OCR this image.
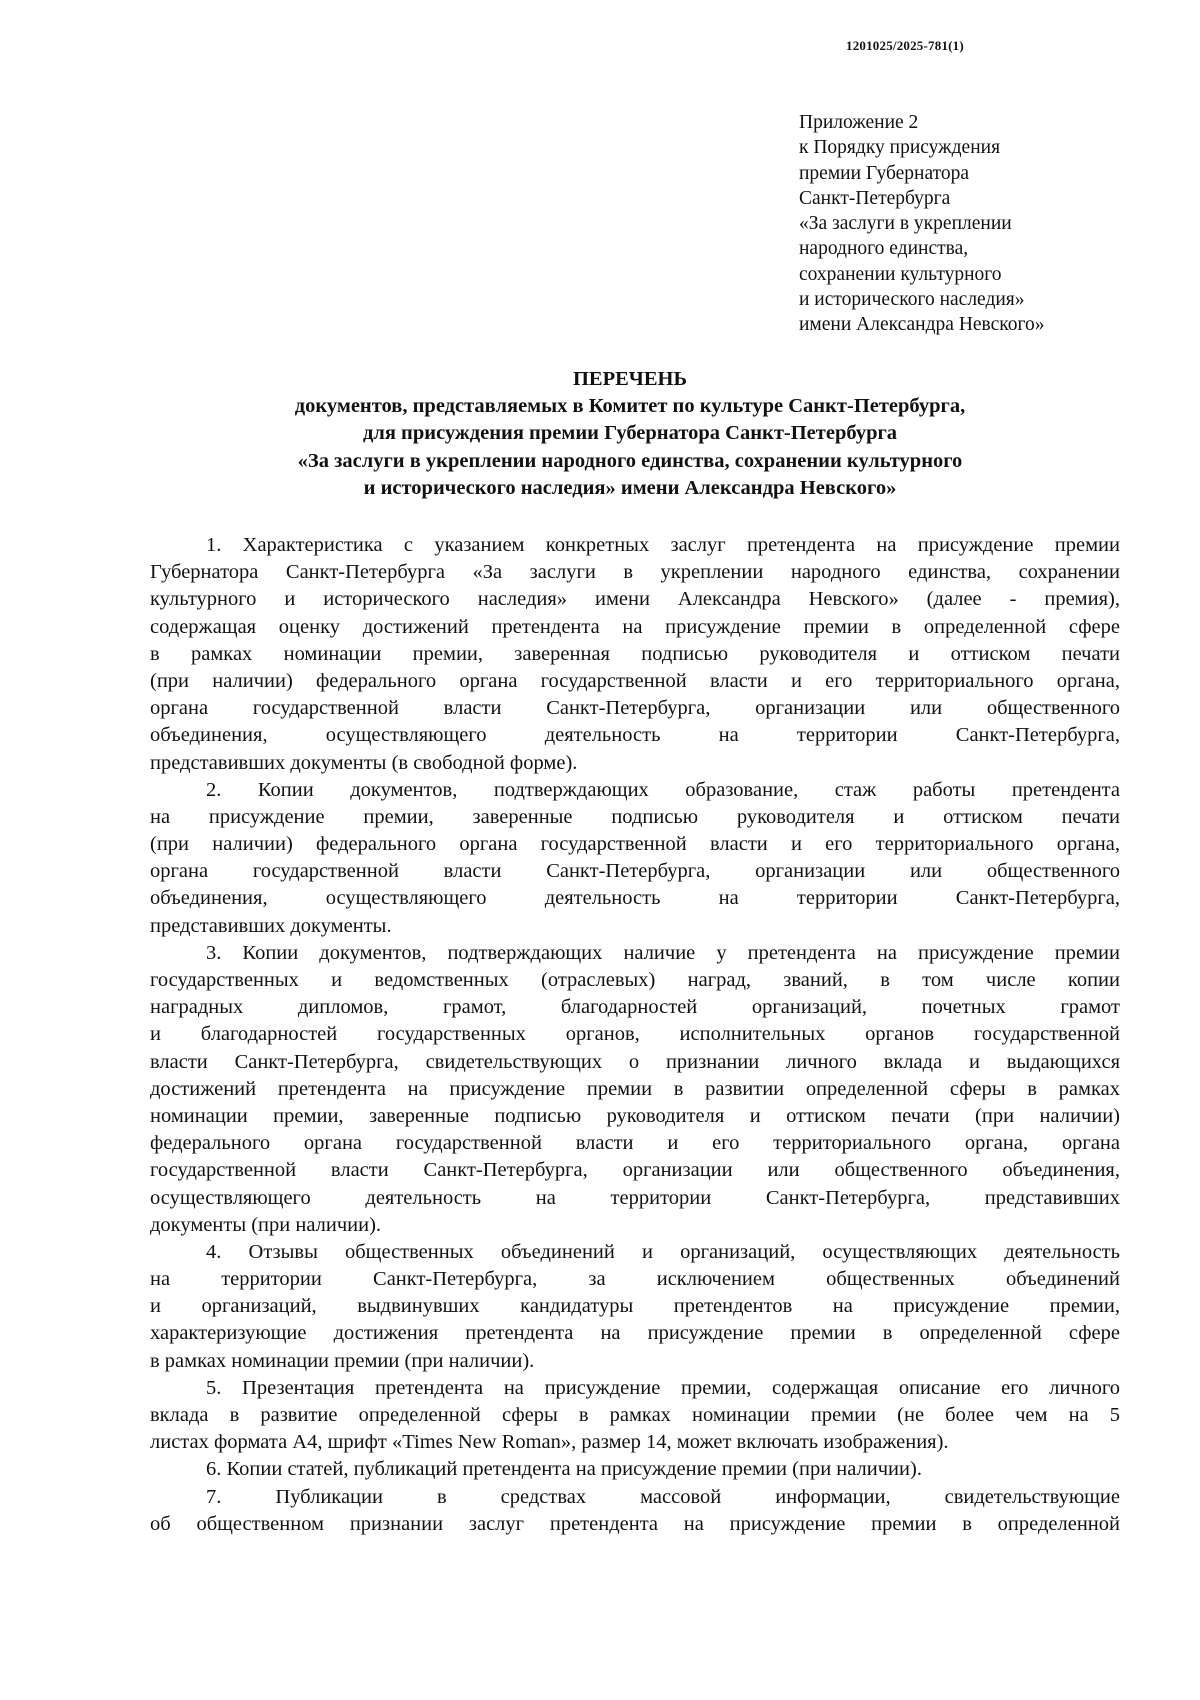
1201025/2025-781(1)
Приложение 2
к Порядку присуждения
премии Губернатора
Санкт-Петербурга
«За заслуги в укреплении
народного единства,
сохранении культурного
и исторического наследия»
имени Александра Невского»
ПЕРЕЧЕНЬ
документов, представляемых в Комитет по культуре Санкт-Петербурга,
для присуждения премии Губернатора Санкт-Петербурга
«За заслуги в укреплении народного единства, сохранении культурного
и исторического наследия» имени Александра Невского»
1. Характеристика с указанием конкретных заслуг претендента на присуждение премии
Губернатора Санкт-Петербурга «За заслуги в укреплении народного единства, сохранении
культурного и исторического наследия» имени Александра Невского» (далее - премия),
содержащая оценку достижений претендента на присуждение премии в определенной сфере
в рамках номинации премии, заверенная подписью руководителя и оттиском печати
(при наличии) федерального органа государственной власти и его территориального органа,
органа государственной власти Санкт-Петербурга, организации или общественного
объединения, осуществляющего деятельность на территории Санкт-Петербурга,
представивших документы (в свободной форме).
2. Копии документов, подтверждающих образование, стаж работы претендента
на присуждение премии, заверенные подписью руководителя и оттиском печати
(при наличии) федерального органа государственной власти и его территориального органа,
органа государственной власти Санкт-Петербурга, организации или общественного
объединения, осуществляющего деятельность на территории Санкт-Петербурга,
представивших документы.
3. Копии документов, подтверждающих наличие у претендента на присуждение премии
государственных и ведомственных (отраслевых) наград, званий, в том числе копии
наградных дипломов, грамот, благодарностей организаций, почетных грамот
и благодарностей государственных органов, исполнительных органов государственной
власти Санкт-Петербурга, свидетельствующих о признании личного вклада и выдающихся
достижений претендента на присуждение премии в развитии определенной сферы в рамках
номинации премии, заверенные подписью руководителя и оттиском печати (при наличии)
федерального органа государственной власти и его территориального органа, органа
государственной власти Санкт-Петербурга, организации или общественного объединения,
осуществляющего деятельность на территории Санкт-Петербурга, представивших
документы (при наличии).
4. Отзывы общественных объединений и организаций, осуществляющих деятельность
на территории Санкт-Петербурга, за исключением общественных объединений
и организаций, выдвинувших кандидатуры претендентов на присуждение премии,
характеризующие достижения претендента на присуждение премии в определенной сфере
в рамках номинации премии (при наличии).
5. Презентация претендента на присуждение премии, содержащая описание его личного
вклада в развитие определенной сферы в рамках номинации премии (не более чем на 5
листах формата А4, шрифт «Times New Roman», размер 14, может включать изображения).
6. Копии статей, публикаций претендента на присуждение премии (при наличии).
7. Публикации в средствах массовой информации, свидетельствующие
об общественном признании заслуг претендента на присуждение премии в определенной
